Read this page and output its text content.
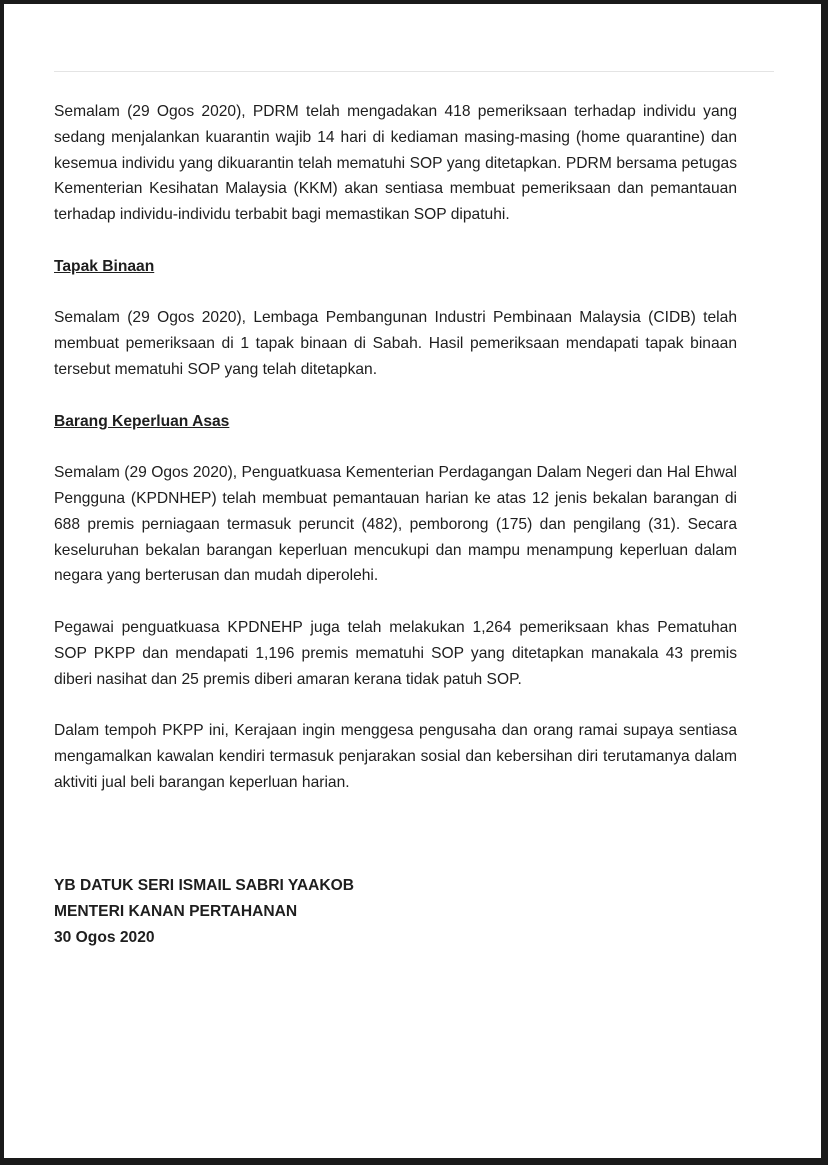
Semalam (29 Ogos 2020), PDRM telah mengadakan 418 pemeriksaan terhadap individu yang sedang menjalankan kuarantin wajib 14 hari di kediaman masing-masing (home quarantine) dan kesemua individu yang dikuarantin telah mematuhi SOP yang ditetapkan. PDRM bersama petugas Kementerian Kesihatan Malaysia (KKM) akan sentiasa membuat pemeriksaan dan pemantauan terhadap individu-individu terbabit bagi memastikan SOP dipatuhi.

Tapak Binaan

Semalam (29 Ogos 2020), Lembaga Pembangunan Industri Pembinaan Malaysia (CIDB) telah membuat pemeriksaan di 1 tapak binaan di Sabah. Hasil pemeriksaan mendapati tapak binaan tersebut mematuhi SOP yang telah ditetapkan.

Barang Keperluan Asas

Semalam (29 Ogos 2020), Penguatkuasa Kementerian Perdagangan Dalam Negeri dan Hal Ehwal Pengguna (KPDNHEP) telah membuat pemantauan harian ke atas 12 jenis bekalan barangan di 688 premis perniagaan termasuk peruncit (482), pemborong (175) dan pengilang (31). Secara keseluruhan bekalan barangan keperluan mencukupi dan mampu menampung keperluan dalam negara yang berterusan dan mudah diperolehi.

Pegawai penguatkuasa KPDNEHP juga telah melakukan 1,264 pemeriksaan khas Pematuhan SOP PKPP dan mendapati 1,196 premis mematuhi SOP yang ditetapkan manakala 43 premis diberi nasihat dan 25 premis diberi amaran kerana tidak patuh SOP.

Dalam tempoh PKPP ini, Kerajaan ingin menggesa pengusaha dan orang ramai supaya sentiasa mengamalkan kawalan kendiri termasuk penjarakan sosial dan kebersihan diri terutamanya dalam aktiviti jual beli barangan keperluan harian.

YB DATUK SERI ISMAIL SABRI YAAKOB

MENTERI KANAN PERTAHANAN

30 Ogos 2020
